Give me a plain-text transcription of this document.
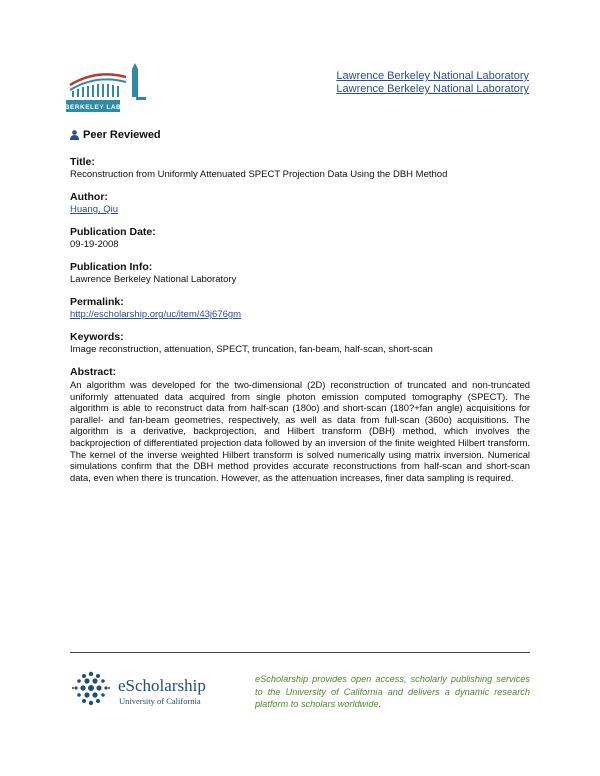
BERKELEY LAB
Lawrence Berkeley National Laboratory
Lawrence Berkeley National Laboratory
Peer Reviewed
Title:
Reconstruction from Uniformly Attenuated SPECT Projection Data Using the DBH Method
Author:
Huang, Qiu
Publication Date:
09-19-2008
Publication Info:
Lawrence Berkeley National Laboratory
Permalink:
http://escholarship.org/uc/item/43j676gm
Keywords:
Image reconstruction, attenuation, SPECT, truncation, fan-beam, half-scan, short-scan
Abstract:
An algorithm was developed for the two-dimensional (2D) reconstruction of truncated and non-truncated uniformly attenuated data acquired from single photon emission computed tomography (SPECT). The algorithm is able to reconstruct data from half-scan (180o) and short-scan (180?+fan angle) acquisitions for parallel- and fan-beam geometries, respectively, as well as data from full-scan (360o) acquisitions. The algorithm is a derivative, backprojection, and Hilbert transform (DBH) method, which involves the backprojection of differentiated projection data followed by an inversion of the finite weighted Hilbert transform. The kernel of the inverse weighted Hilbert transform is solved numerically using matrix inversion. Numerical simulations confirm that the DBH method provides accurate reconstructions from half-scan and short-scan data, even when there is truncation. However, as the attenuation increases, finer data sampling is required.
eScholarship
University of California
eScholarship provides open access, scholarly publishing services to the University of California and delivers a dynamic research platform to scholars worldwide.
